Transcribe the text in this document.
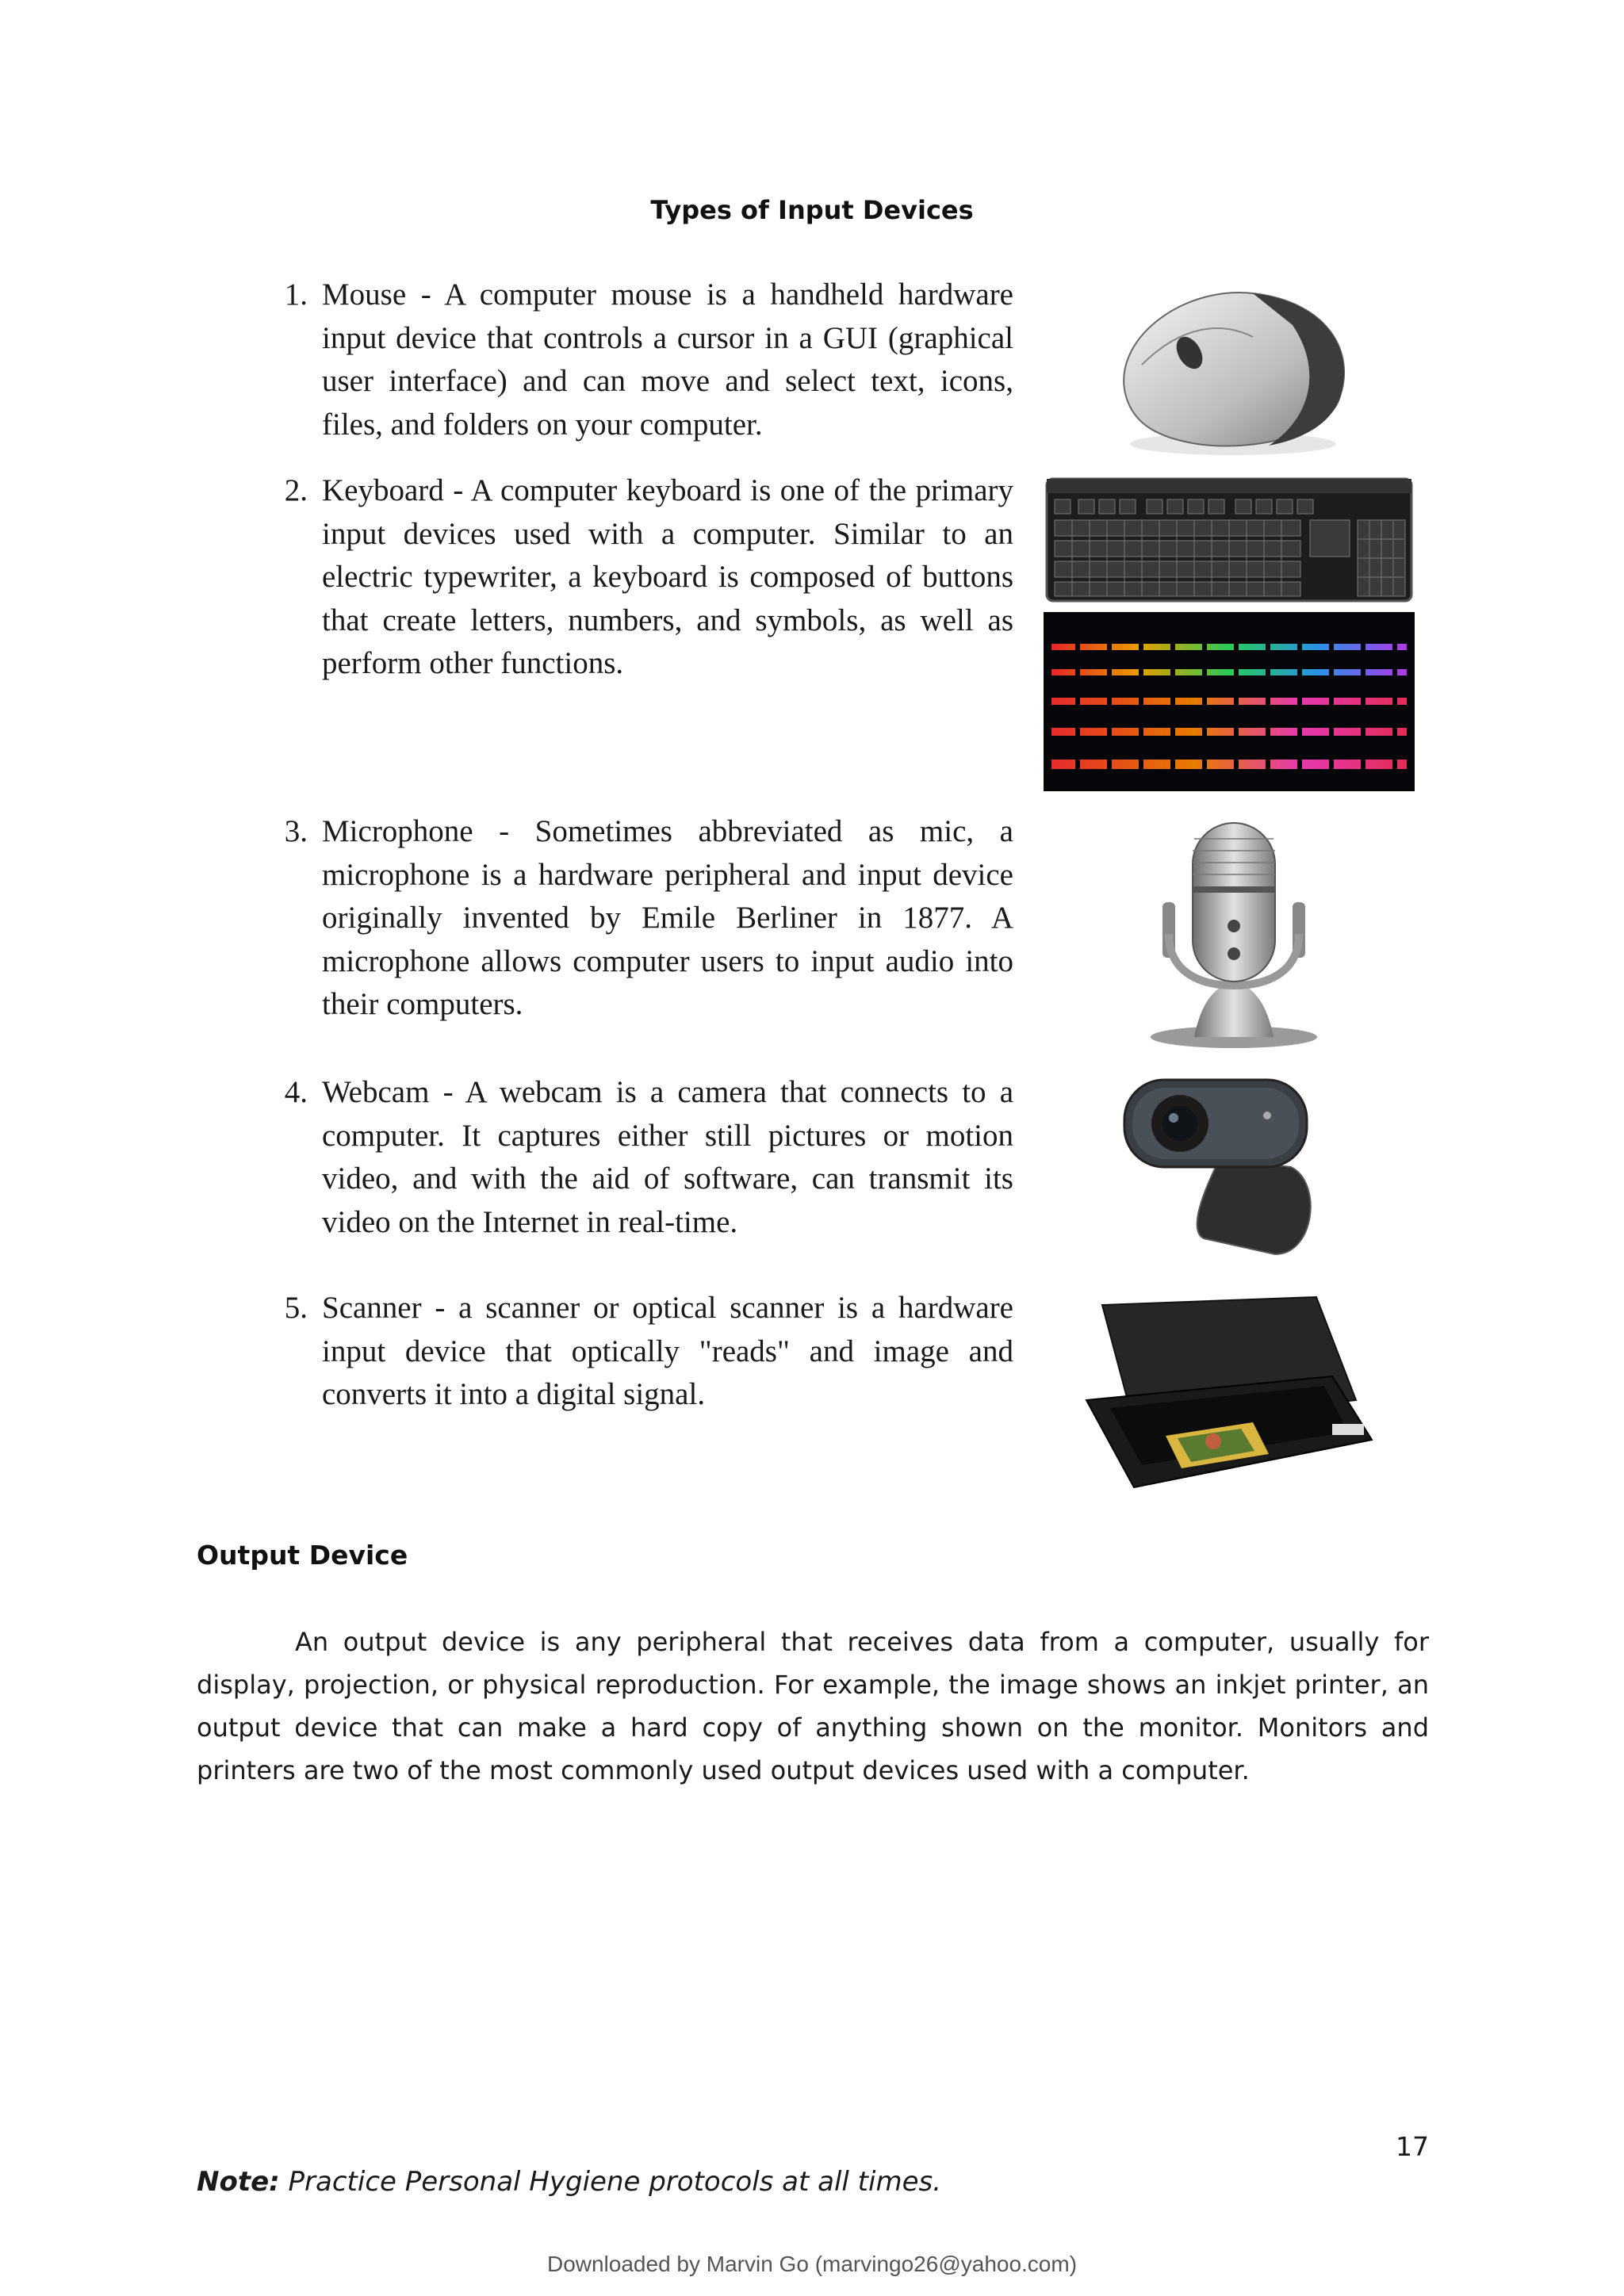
Types of Input Devices
1. Mouse - A computer mouse is a handheld hardware input device that controls a cursor in a GUI (graphical user interface) and can move and select text, icons, files, and folders on your computer.
2. Keyboard - A computer keyboard is one of the primary input devices used with a computer. Similar to an electric typewriter, a keyboard is composed of buttons that create letters, numbers, and symbols, as well as perform other functions.
3. Microphone - Sometimes abbreviated as mic, a microphone is a hardware peripheral and input device originally invented by Emile Berliner in 1877. A microphone allows computer users to input audio into their computers.
4. Webcam - A webcam is a camera that connects to a computer. It captures either still pictures or motion video, and with the aid of software, can transmit its video on the Internet in real-time.
5. Scanner - a scanner or optical scanner is a hardware input device that optically "reads" and image and converts it into a digital signal.
Output Device
An output device is any peripheral that receives data from a computer, usually for display, projection, or physical reproduction. For example, the image shows an inkjet printer, an output device that can make a hard copy of anything shown on the monitor. Monitors and printers are two of the most commonly used output devices used with a computer.
17
Note: Practice Personal Hygiene protocols at all times.
Downloaded by Marvin Go (marvingo26@yahoo.com)
